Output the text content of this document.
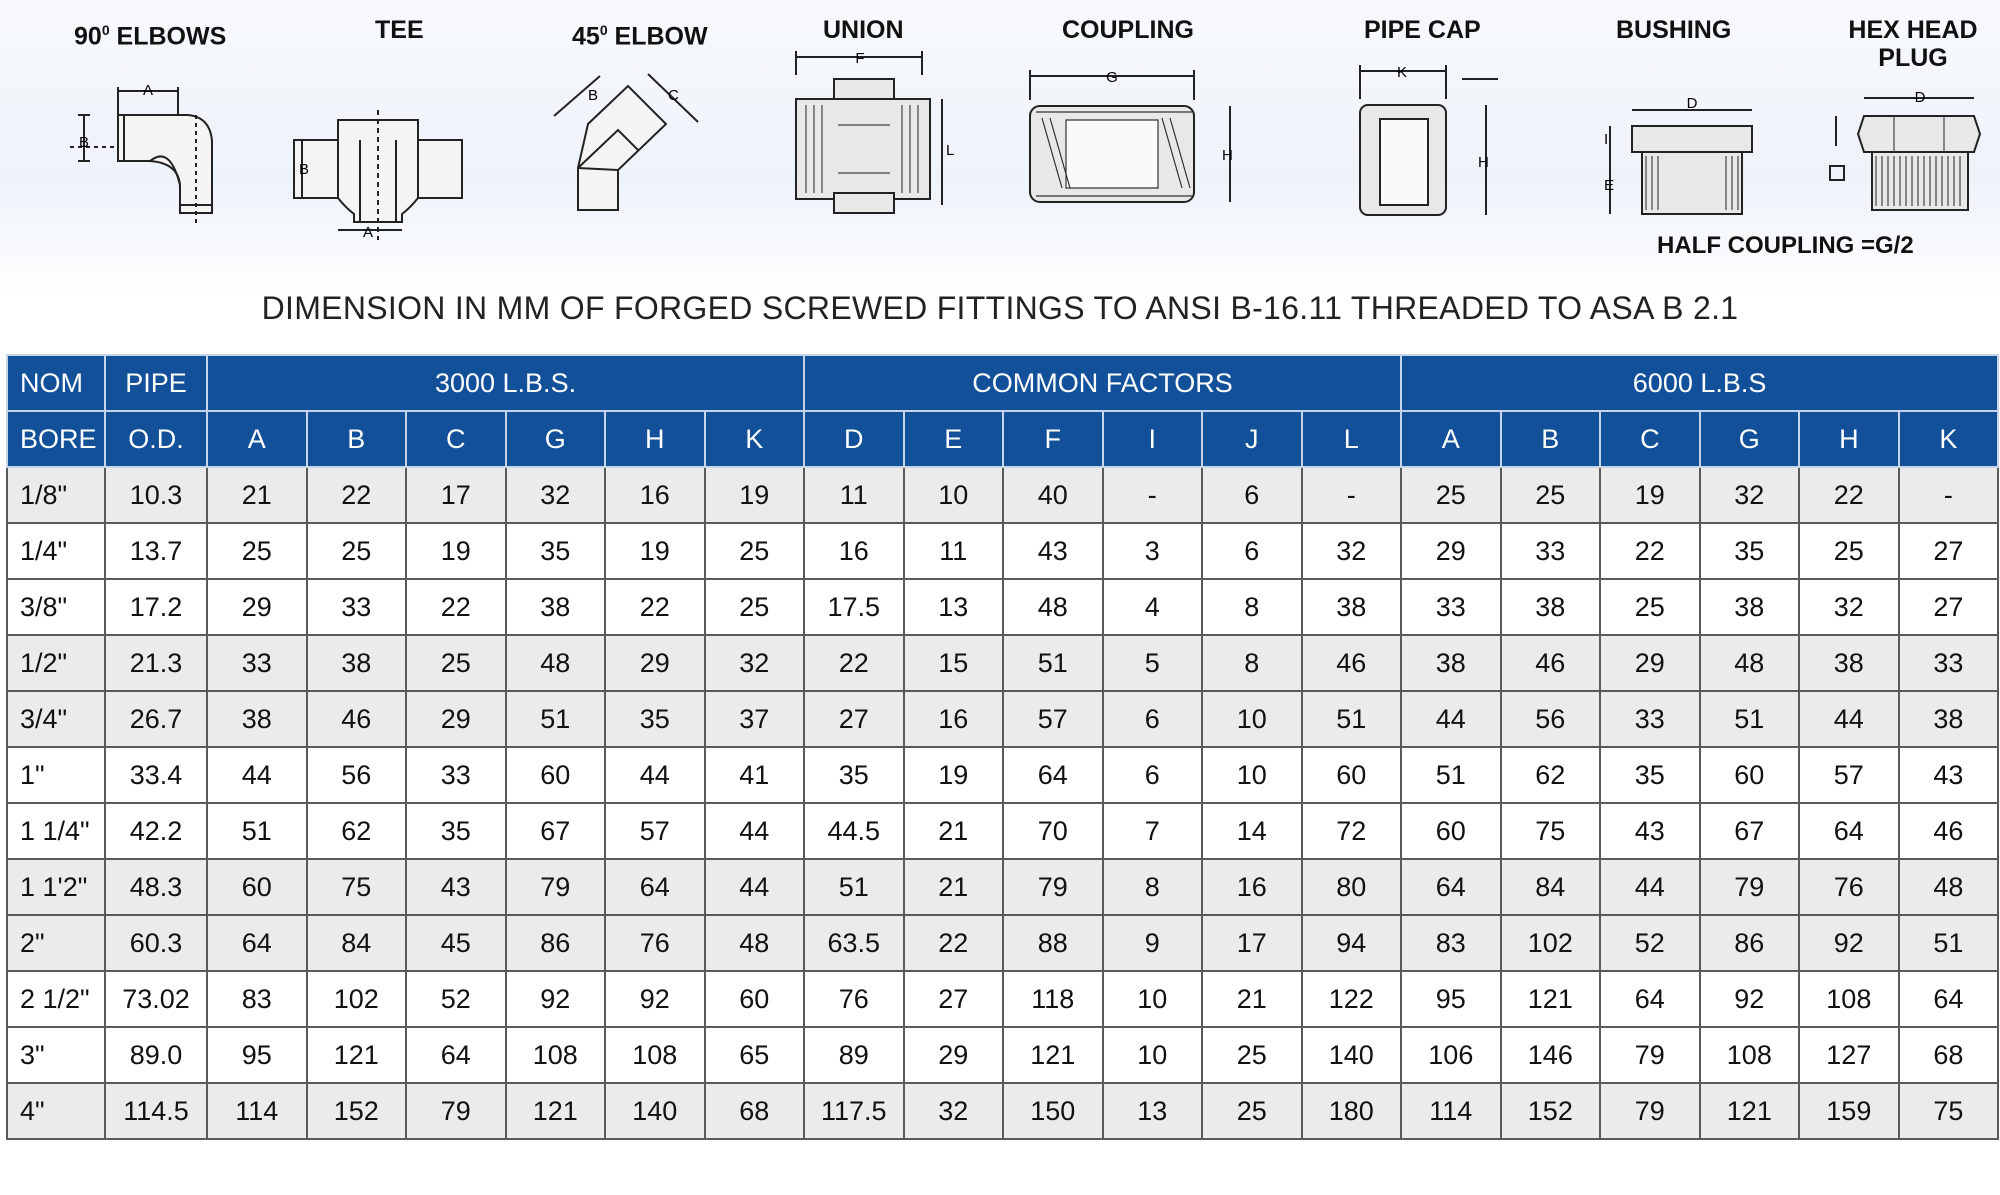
$90^0$ ELBOWS	TEE	$45^0$ ELBOW	UNION	COUPLING	PIPE CAP	BUSHING	HEX HEAD
PLUG
A
B
B
A
B	C
F
L
G
H
K
H
D
I
E
D
HALF COUPLING =G/2
DIMENSION IN MM OF FORGED SCREWED FITTINGS TO ANSI B-16.11 THREADED TO ASA B 2.1
NOM	PIPE	3000 L.B.S.						COMMON FACTORS						6000 L.B.S					
BORE	O.D.	A	B	C	G	H	K	D	E	F	I	J	L	A	B	C	G	H	K
1/8"	10.3	21	22	17	32	16	19	11	10	40	-	6	-	25	25	19	32	22	-
1/4"	13.7	25	25	19	35	19	25	16	11	43	3	6	32	29	33	22	35	25	27
3/8"	17.2	29	33	22	38	22	25	17.5	13	48	4	8	38	33	38	25	38	32	27
1/2"	21.3	33	38	25	48	29	32	22	15	51	5	8	46	38	46	29	48	38	33
3/4"	26.7	38	46	29	51	35	37	27	16	57	6	10	51	44	56	33	51	44	38
1"	33.4	44	56	33	60	44	41	35	19	64	6	10	60	51	62	35	60	57	43
1 1/4"	42.2	51	62	35	67	57	44	44.5	21	70	7	14	72	60	75	43	67	64	46
1 1'2"	48.3	60	75	43	79	64	44	51	21	79	8	16	80	64	84	44	79	76	48
2"	60.3	64	84	45	86	76	48	63.5	22	88	9	17	94	83	102	52	86	92	51
2 1/2"	73.02	83	102	52	92	92	60	76	27	118	10	21	122	95	121	64	92	108	64
3"	89.0	95	121	64	108	108	65	89	29	121	10	25	140	106	146	79	108	127	68
4"	114.5	114	152	79	121	140	68	117.5	32	150	13	25	180	114	152	79	121	159	75
